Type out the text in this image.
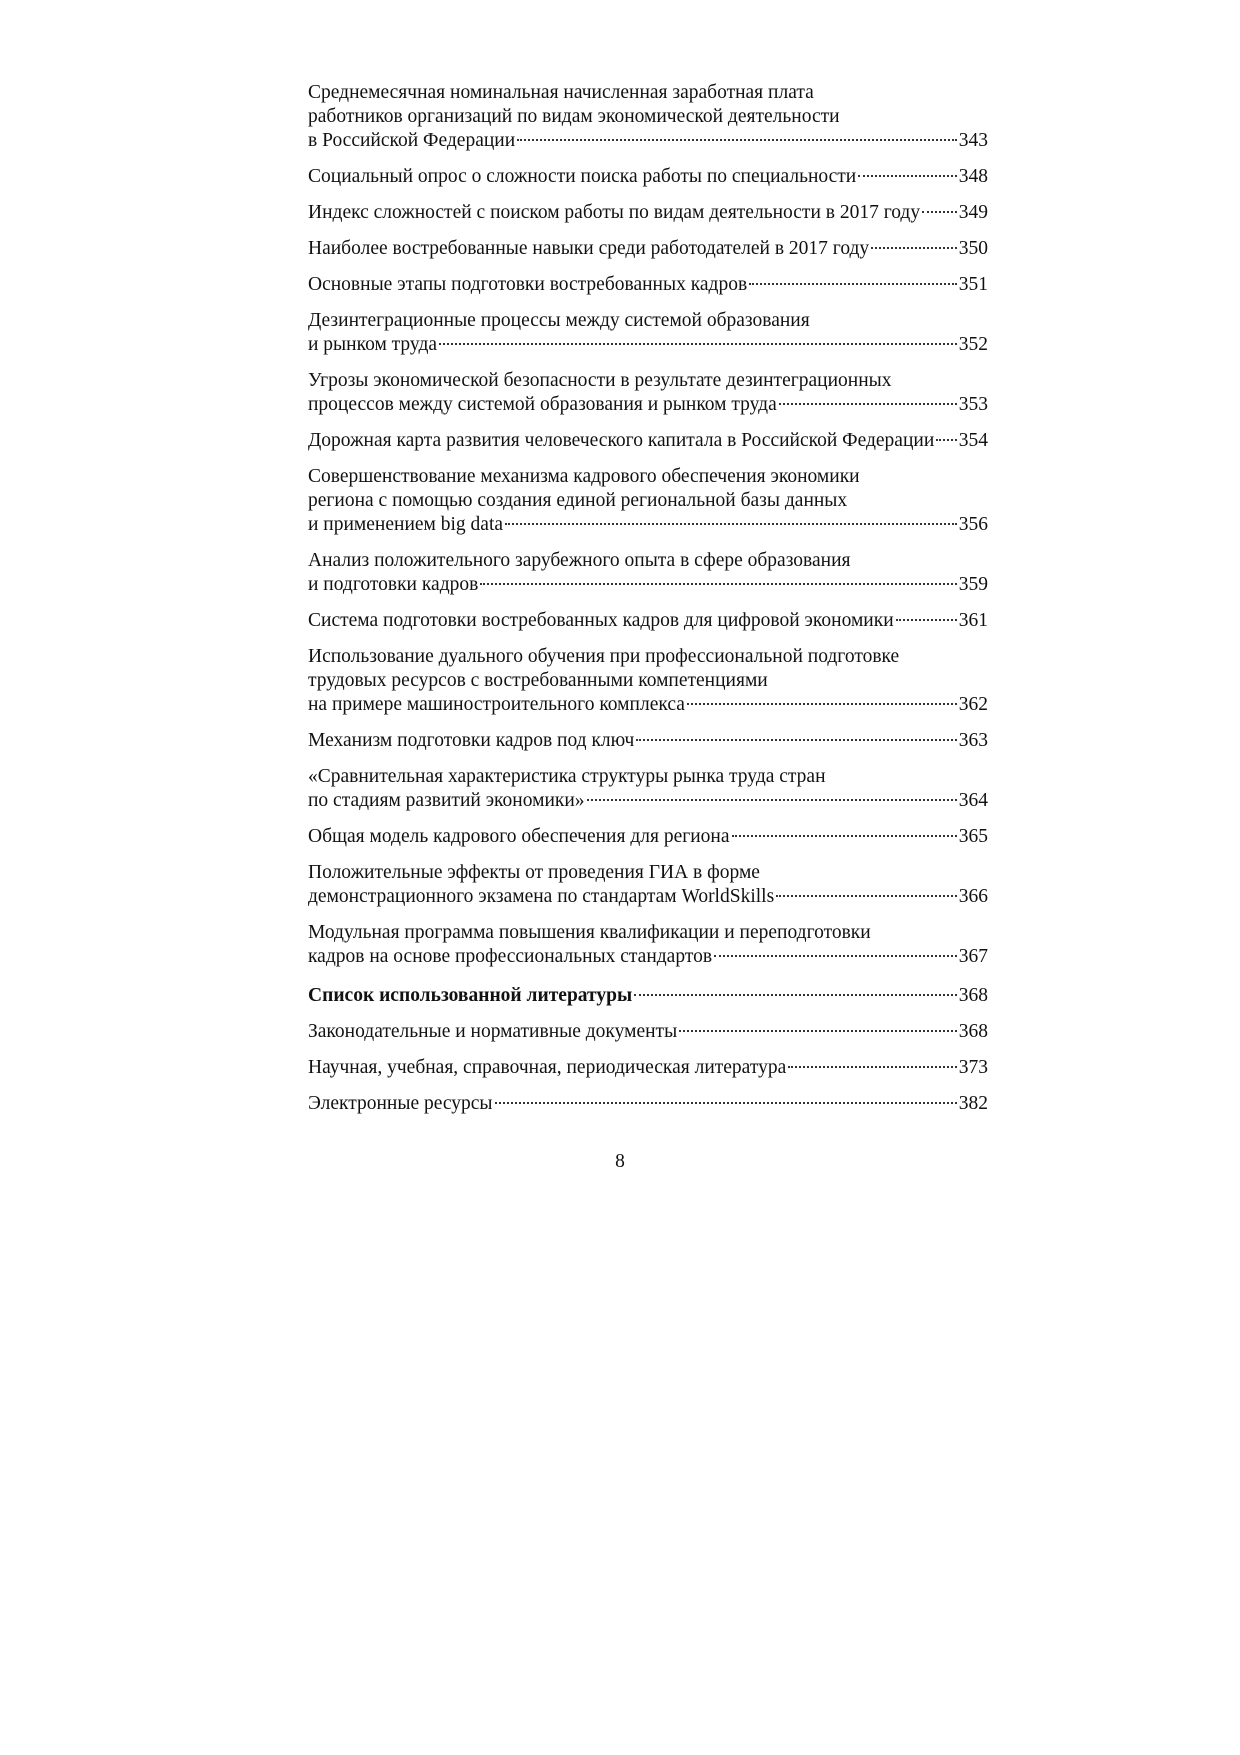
Среднемесячная номинальная начисленная заработная плата
работников организаций по видам экономической деятельности
в Российской Федерации	343
Социальный опрос о сложности поиска работы по специальности	348
Индекс сложностей с поиском работы по видам деятельности в 2017 году 349
Наиболее востребованные навыки среди работодателей в 2017 году	350
Основные этапы подготовки востребованных кадров	351
Дезинтеграционные процессы между системой образования
и рынком труда	352
Угрозы экономической безопасности в результате дезинтеграционных
процессов между системой образования и рынком труда	353
Дорожная карта развития человеческого капитала в Российской Федерации 354
Совершенствование механизма кадрового обеспечения экономики
региона с помощью создания единой региональной базы данных
и применением big data	356
Анализ положительного зарубежного опыта в сфере образования
и подготовки кадров	359
Система подготовки востребованных кадров для цифровой экономики	361
Использование дуального обучения при профессиональной подготовке
трудовых ресурсов с востребованными компетенциями
на примере машиностроительного комплекса	362
Механизм подготовки кадров под ключ	363
«Сравнительная характеристика структуры рынка труда стран
по стадиям развитий экономики»	364
Общая модель кадрового обеспечения для региона	365
Положительные эффекты от проведения ГИА в форме
демонстрационного экзамена по стандартам WorldSkills	366
Модульная программа повышения квалификации и переподготовки
кадров на основе профессиональных стандартов	367
Список использованной литературы	368
Законодательные и нормативные документы	368
Научная, учебная, справочная, периодическая литература	373
Электронные ресурсы	382
8
